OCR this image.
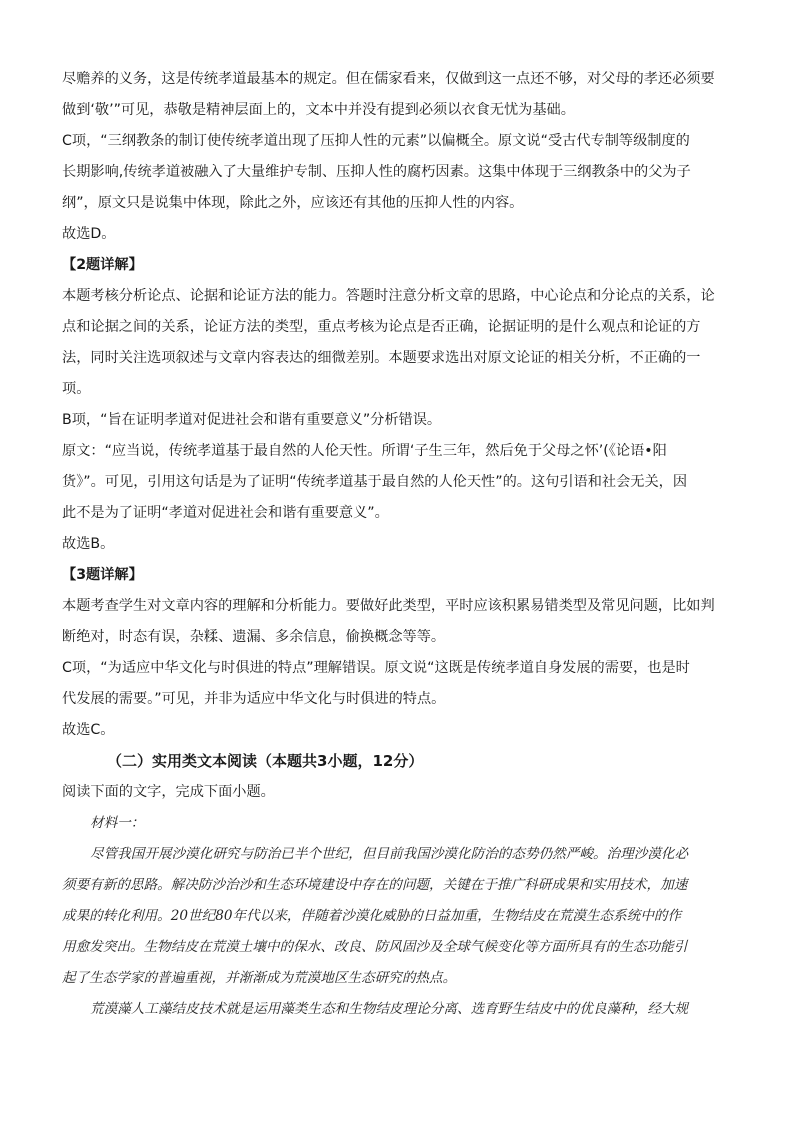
尽赡养的义务，这是传统孝道最基本的规定。但在儒家看来，仅做到这一点还不够，对父母的孝还必须要

做到‘敬’”可见，恭敬是精神层面上的，文本中并没有提到必须以衣食无忧为基础。

C项，“三纲教条的制订使传统孝道出现了压抑人性的元素”以偏概全。原文说“受古代专制等级制度的

长期影响,传统孝道被融入了大量维护专制、压抑人性的腐朽因素。这集中体现于三纲教条中的父为子

纲”，原文只是说集中体现，除此之外，应该还有其他的压抑人性的内容。

故选D。

【2题详解】

本题考核分析论点、论据和论证方法的能力。答题时注意分析文章的思路，中心论点和分论点的关系，论

点和论据之间的关系，论证方法的类型，重点考核为论点是否正确，论据证明的是什么观点和论证的方

法，同时关注选项叙述与文章内容表达的细微差别。本题要求选出对原文论证的相关分析，不正确的一

项。

B项，“旨在证明孝道对促进社会和谐有重要意义”分析错误。

原文：“应当说，传统孝道基于最自然的人伦天性。所谓‘子生三年，然后免于父母之怀’(《论语•阳

货》”。可见，引用这句话是为了证明“传统孝道基于最自然的人伦天性”的。这句引语和社会无关，因

此不是为了证明“孝道对促进社会和谐有重要意义”。

故选B。

【3题详解】

本题考查学生对文章内容的理解和分析能力。要做好此类型，平时应该积累易错类型及常见问题，比如判

断绝对，时态有误，杂糅、遗漏、多余信息，偷换概念等等。

C项，“为适应中华文化与时俱进的特点”理解错误。原文说“这既是传统孝道自身发展的需要，也是时

代发展的需要。”可见，并非为适应中华文化与时俱进的特点。

故选C。

（二）实用类文本阅读（本题共3小题，12分）

阅读下面的文字，完成下面小题。

材料一：

尽管我国开展沙漠化研究与防治已半个世纪，但目前我国沙漠化防治的态势仍然严峻。治理沙漠化必

须要有新的思路。解决防沙治沙和生态环境建设中存在的问题，关键在于推广科研成果和实用技术，加速

成果的转化利用。20世纪80年代以来，伴随着沙漠化威胁的日益加重，生物结皮在荒漠生态系统中的作

用愈发突出。生物结皮在荒漠土壤中的保水、改良、防风固沙及全球气候变化等方面所具有的生态功能引

起了生态学家的普遍重视，并渐渐成为荒漠地区生态研究的热点。

荒漠藻人工藻结皮技术就是运用藻类生态和生物结皮理论分离、选育野生结皮中的优良藻种，经大规
